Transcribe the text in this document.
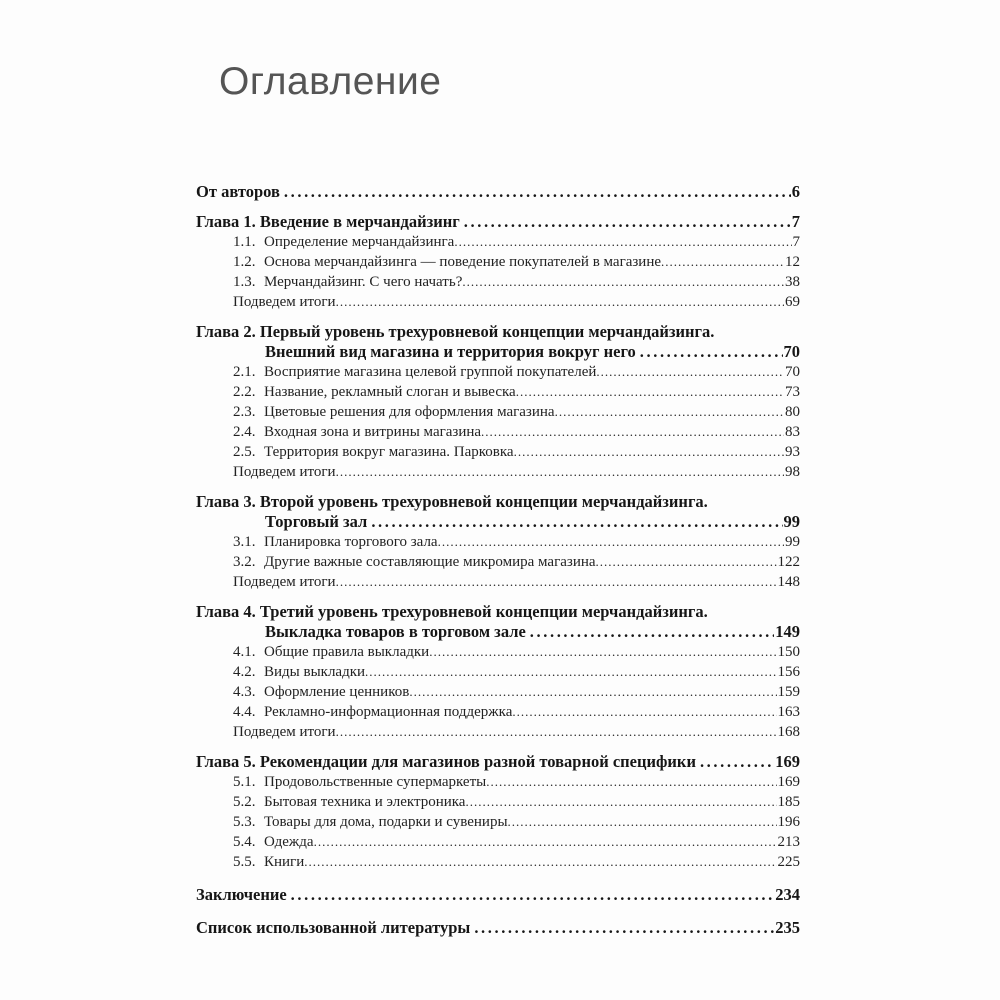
Оглавление
От авторов .....	6
Глава 1. Введение в мерчандайзинг .....	7
1.1. Определение мерчандайзинга .....	7
1.2. Основа мерчандайзинга — поведение покупателей в магазине .....	12
1.3. Мерчандайзинг. С чего начать? .....	38
Подведем итоги .....	69
Глава 2. Первый уровень трехуровневой концепции мерчандайзинга.
Внешний вид магазина и территория вокруг него .....	70
2.1. Восприятие магазина целевой группой покупателей .....	70
2.2. Название, рекламный слоган и вывеска .....	73
2.3. Цветовые решения для оформления магазина .....	80
2.4. Входная зона и витрины магазина .....	83
2.5. Территория вокруг магазина. Парковка .....	93
Подведем итоги .....	98
Глава 3. Второй уровень трехуровневой концепции мерчандайзинга.
Торговый зал .....	99
3.1. Планировка торгового зала .....	99
3.2. Другие важные составляющие микромира магазина .....	122
Подведем итоги .....	148
Глава 4. Третий уровень трехуровневой концепции мерчандайзинга.
Выкладка товаров в торговом зале .....	149
4.1. Общие правила выкладки .....	150
4.2. Виды выкладки .....	156
4.3. Оформление ценников .....	159
4.4. Рекламно-информационная поддержка .....	163
Подведем итоги .....	168
Глава 5. Рекомендации для магазинов разной товарной специфики .....	169
5.1. Продовольственные супермаркеты .....	169
5.2. Бытовая техника и электроника .....	185
5.3. Товары для дома, подарки и сувениры .....	196
5.4. Одежда .....	213
5.5. Книги .....	225
Заключение .....	234
Список использованной литературы .....	235
